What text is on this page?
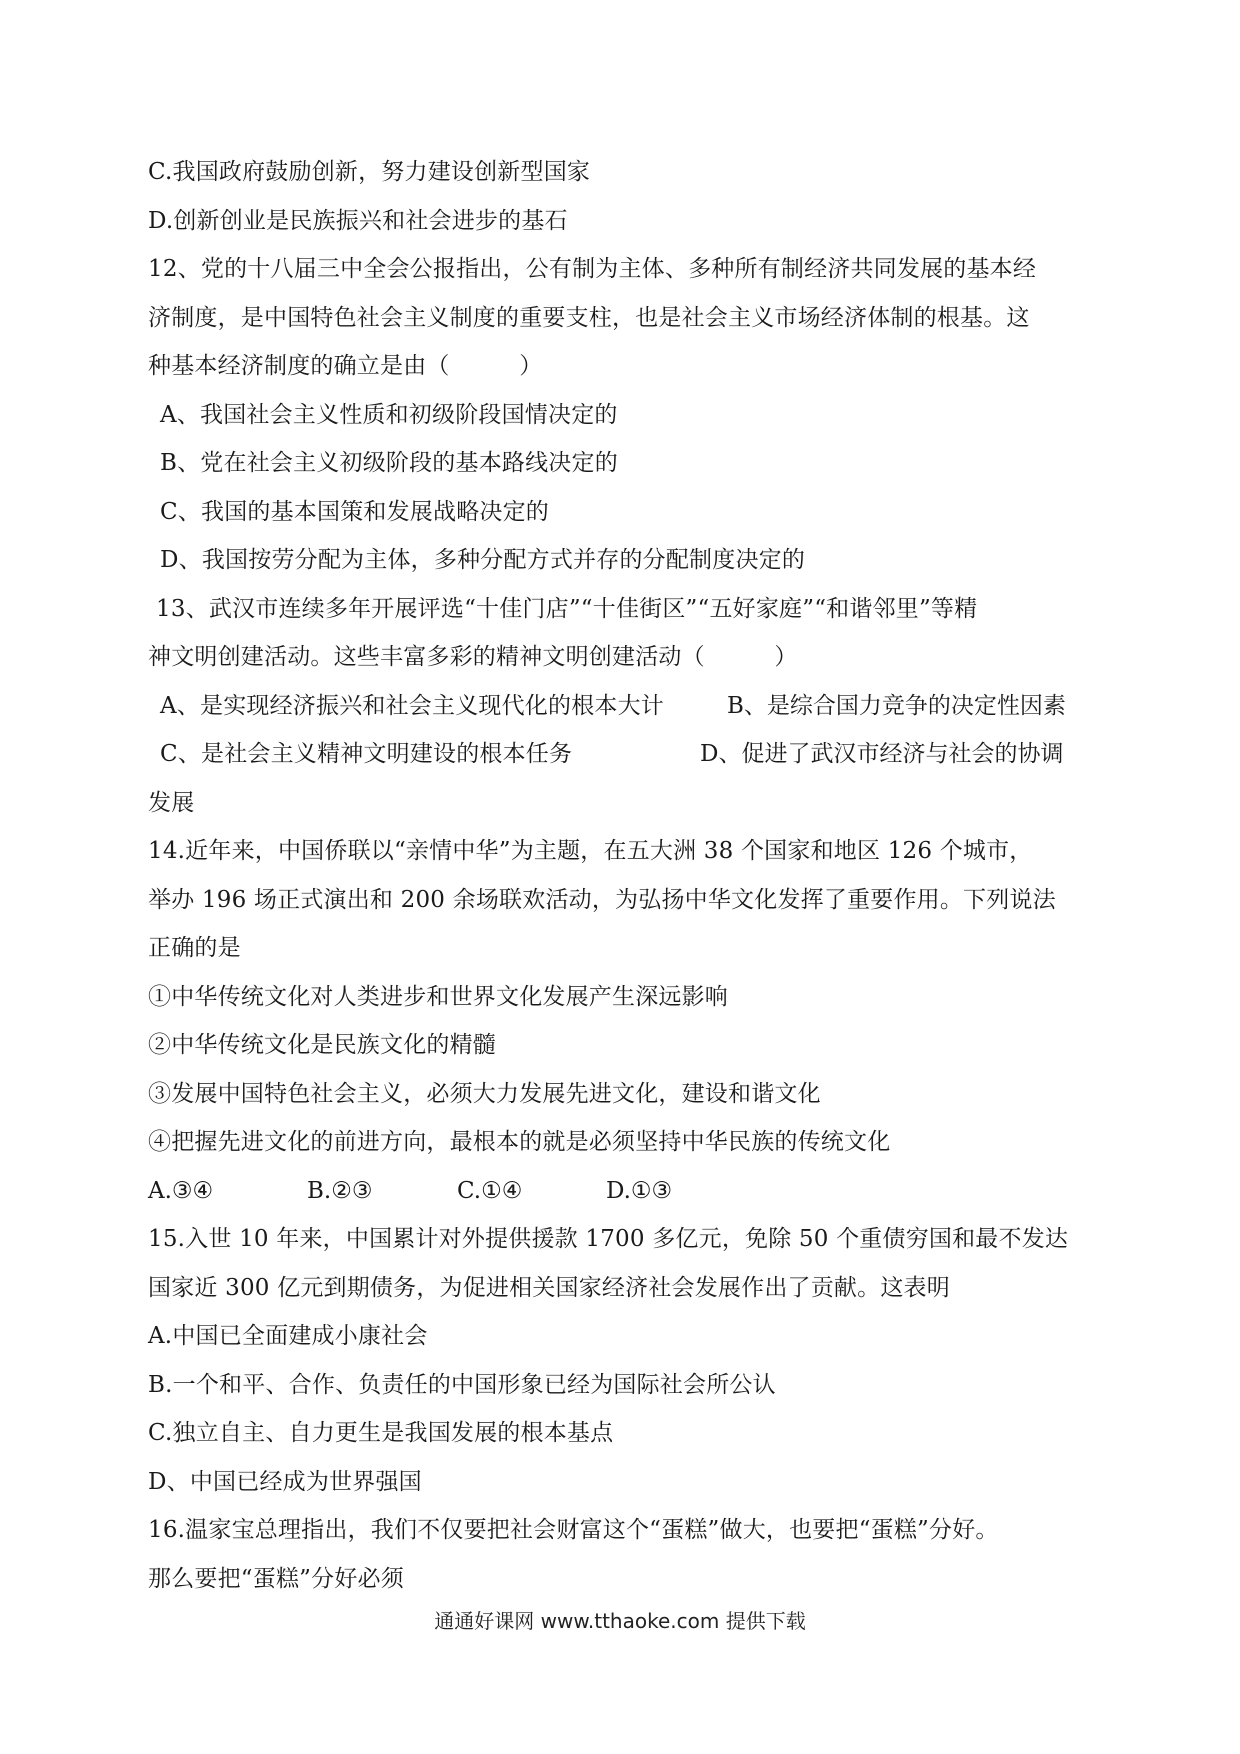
C.我国政府鼓励创新，努力建设创新型国家
D.创新创业是民族振兴和社会进步的基石
12、党的十八届三中全会公报指出，公有制为主体、多种所有制经济共同发展的基本经
济制度，是中国特色社会主义制度的重要支柱，也是社会主义市场经济体制的根基。这
种基本经济制度的确立是由（　　　）
A、我国社会主义性质和初级阶段国情决定的
B、党在社会主义初级阶段的基本路线决定的
C、我国的基本国策和发展战略决定的
D、我国按劳分配为主体，多种分配方式并存的分配制度决定的
13、武汉市连续多年开展评选“十佳门店”“十佳街区”“五好家庭”“和谐邻里”等精
神文明创建活动。这些丰富多彩的精神文明创建活动（　　　）
A、是实现经济振兴和社会主义现代化的根本大计	B、是综合国力竞争的决定性因素
C、是社会主义精神文明建设的根本任务	D、促进了武汉市经济与社会的协调
发展
14.近年来，中国侨联以“亲情中华”为主题，在五大洲 38 个国家和地区 126 个城市，
举办 196 场正式演出和 200 余场联欢活动，为弘扬中华文化发挥了重要作用。下列说法
正确的是
①中华传统文化对人类进步和世界文化发展产生深远影响
②中华传统文化是民族文化的精髓
③发展中国特色社会主义，必须大力发展先进文化，建设和谐文化
④把握先进文化的前进方向，最根本的就是必须坚持中华民族的传统文化
A.③④	B.②③	C.①④	D.①③
15.入世 10 年来，中国累计对外提供援款 1700 多亿元，免除 50 个重债穷国和最不发达
国家近 300 亿元到期债务，为促进相关国家经济社会发展作出了贡献。这表明
A.中国已全面建成小康社会
B.一个和平、合作、负责任的中国形象已经为国际社会所公认
C.独立自主、自力更生是我国发展的根本基点
D、中国已经成为世界强国
16.温家宝总理指出，我们不仅要把社会财富这个“蛋糕”做大，也要把“蛋糕”分好。
那么要把“蛋糕”分好必须
通通好课网 www.tthaoke.com 提供下载
